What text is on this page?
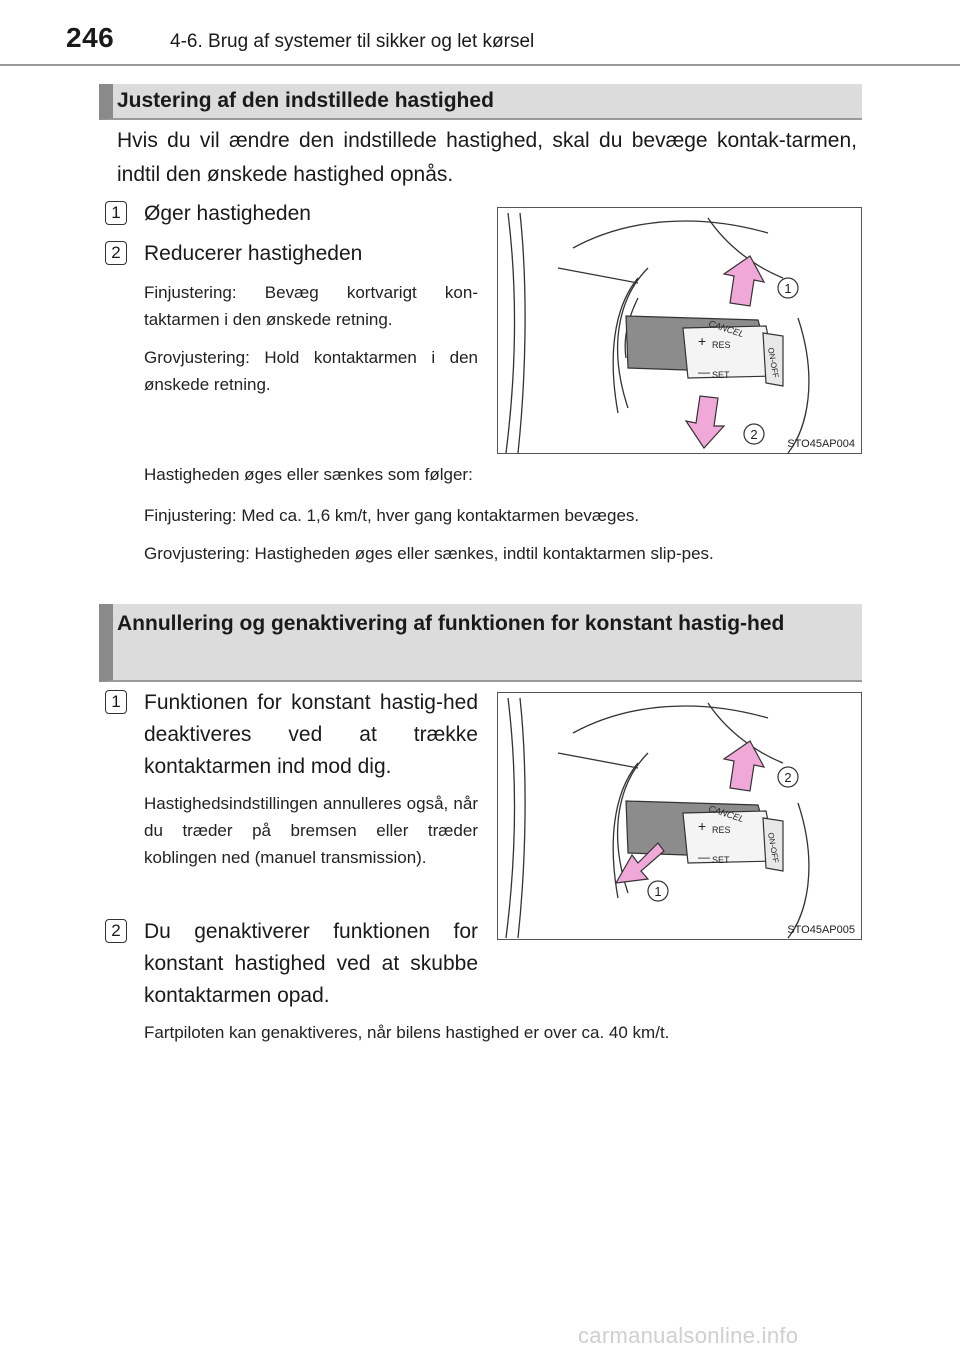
246	4-6. Brug af systemer til sikker og let kørsel
Justering af den indstillede hastighed
Hvis du vil ændre den indstillede hastighed, skal du bevæge kontak-tarmen, indtil den ønskede hastighed opnås.
1 Øger hastigheden
2 Reducerer hastigheden
Finjustering: Bevæg kortvarigt kon-taktarmen i den ønskede retning.
Grovjustering: Hold kontaktarmen i den ønskede retning.
CANCEL
+ RES
— SET	ON-OFF
1
2
STO45AP004
Hastigheden øges eller sænkes som følger:
Finjustering: Med ca. 1,6 km/t, hver gang kontaktarmen bevæges.
Grovjustering: Hastigheden øges eller sænkes, indtil kontaktarmen slip-pes.
Annullering og genaktivering af funktionen for konstant hastig-hed
1 Funktionen for konstant hastig-hed deaktiveres ved at trække kontaktarmen ind mod dig.
Hastighedsindstillingen annulleres også, når du træder på bremsen eller træder koblingen ned (manuel transmission).
2 Du genaktiverer funktionen for konstant hastighed ved at skubbe kontaktarmen opad.
CANCEL
+ RES
— SET	ON-OFF
1
2
STO45AP005
Fartpiloten kan genaktiveres, når bilens hastighed er over ca. 40 km/t.
carmanualsonline.info
